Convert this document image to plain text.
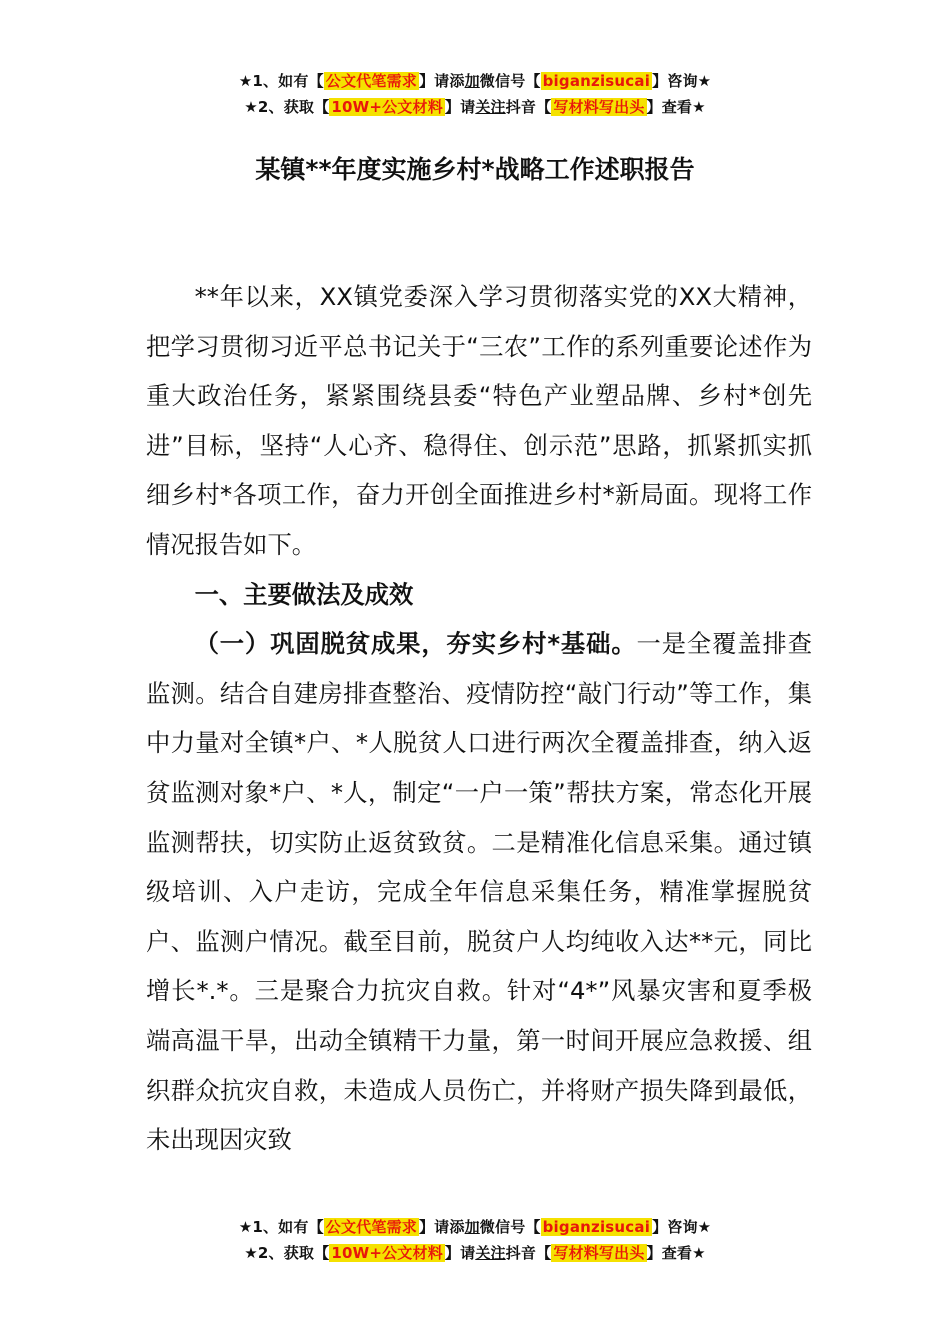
★1、如有【 公文代笔需求 】请添加微信号【 biganzisucai 】咨询★
★2、获取【 10W+公文材料 】请关注抖音【 写材料写出头 】查看★
某镇**年度实施乡村*战略工作述职报告

**年以来，XX镇党委深入学习贯彻落实党的XX大精神，把学习贯彻习近平总书记关于“三农”工作的系列重要论述作为重大政治任务，紧紧围绕县委“特色产业塑品牌、乡村*创先进”目标，坚持“人心齐、稳得住、创示范”思路，抓紧抓实抓细乡村*各项工作，奋力开创全面推进乡村*新局面。现将工作情况报告如下。

一、主要做法及成效

（一）巩固脱贫成果，夯实乡村*基础。一是全覆盖排查监测。结合自建房排查整治、疫情防控“敲门行动”等工作，集中力量对全镇*户、*人脱贫人口进行两次全覆盖排查，纳入返贫监测对象*户、*人，制定“一户一策”帮扶方案，常态化开展监测帮扶，切实防止返贫致贫。二是精准化信息采集。通过镇级培训、入户走访，完成全年信息采集任务，精准掌握脱贫户、监测户情况。截至目前，脱贫户人均纯收入达**元，同比增长*.*。三是聚合力抗灾自救。针对“4*”风暴灾害和夏季极端高温干旱，出动全镇精干力量，第一时间开展应急救援、组织群众抗灾自救，未造成人员伤亡，并将财产损失降到最低，未出现因灾致

★1、如有【 公文代笔需求 】请添加微信号【 biganzisucai 】咨询★
★2、获取【 10W+公文材料 】请关注抖音【 写材料写出头 】查看★
